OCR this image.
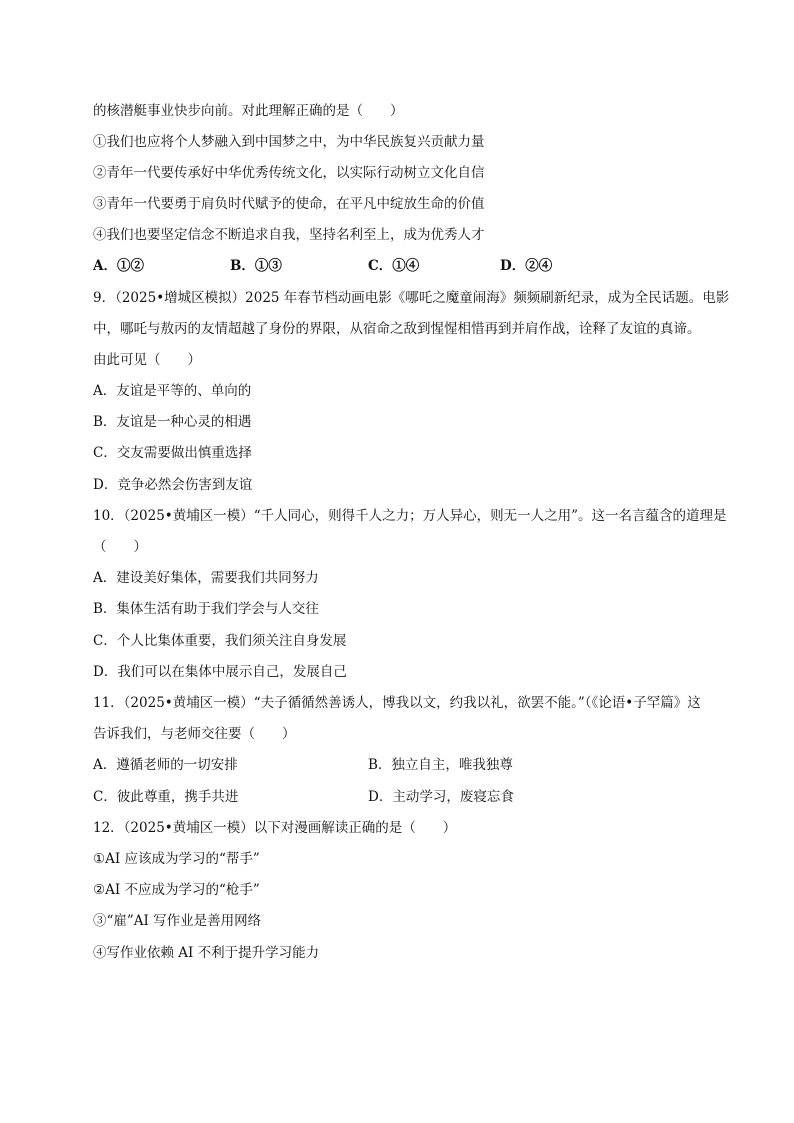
的核潜艇事业快步向前。对此理解正确的是（　　）
①我们也应将个人梦融入到中国梦之中，为中华民族复兴贡献力量
②青年一代要传承好中华优秀传统文化，以实际行动树立文化自信
③青年一代要勇于肩负时代赋予的使命，在平凡中绽放生命的价值
④我们也要坚定信念不断追求自我，坚持名利至上，成为优秀人才
A．①②	B．①③	C．①④	D．②④
9．（2025•增城区模拟）2025 年春节档动画电影《哪吒之魔童闹海》频频刷新纪录，成为全民话题。电影
中，哪吒与敖丙的友情超越了身份的界限，从宿命之敌到惺惺相惜再到并肩作战，诠释了友谊的真谛。
由此可见（　　）
A．友谊是平等的、单向的
B．友谊是一种心灵的相遇
C．交友需要做出慎重选择
D．竞争必然会伤害到友谊
10．（2025•黄埔区一模）“千人同心，则得千人之力；万人异心，则无一人之用”。这一名言蕴含的道理是
（　　）
A．建设美好集体，需要我们共同努力
B．集体生活有助于我们学会与人交往
C．个人比集体重要，我们须关注自身发展
D．我们可以在集体中展示自己，发展自己
11．（2025•黄埔区一模）“夫子循循然善诱人，博我以文，约我以礼，欲罢不能。”（《论语•子罕篇》这
告诉我们，与老师交往要（　　）
A．遵循老师的一切安排	B．独立自主，唯我独尊
C．彼此尊重，携手共进	D．主动学习，废寝忘食
12．（2025•黄埔区一模）以下对漫画解读正确的是（　　）
①AI 应该成为学习的“帮手”
②AI 不应成为学习的“枪手”
③“雇”AI 写作业是善用网络
④写作业依赖 AI 不利于提升学习能力
